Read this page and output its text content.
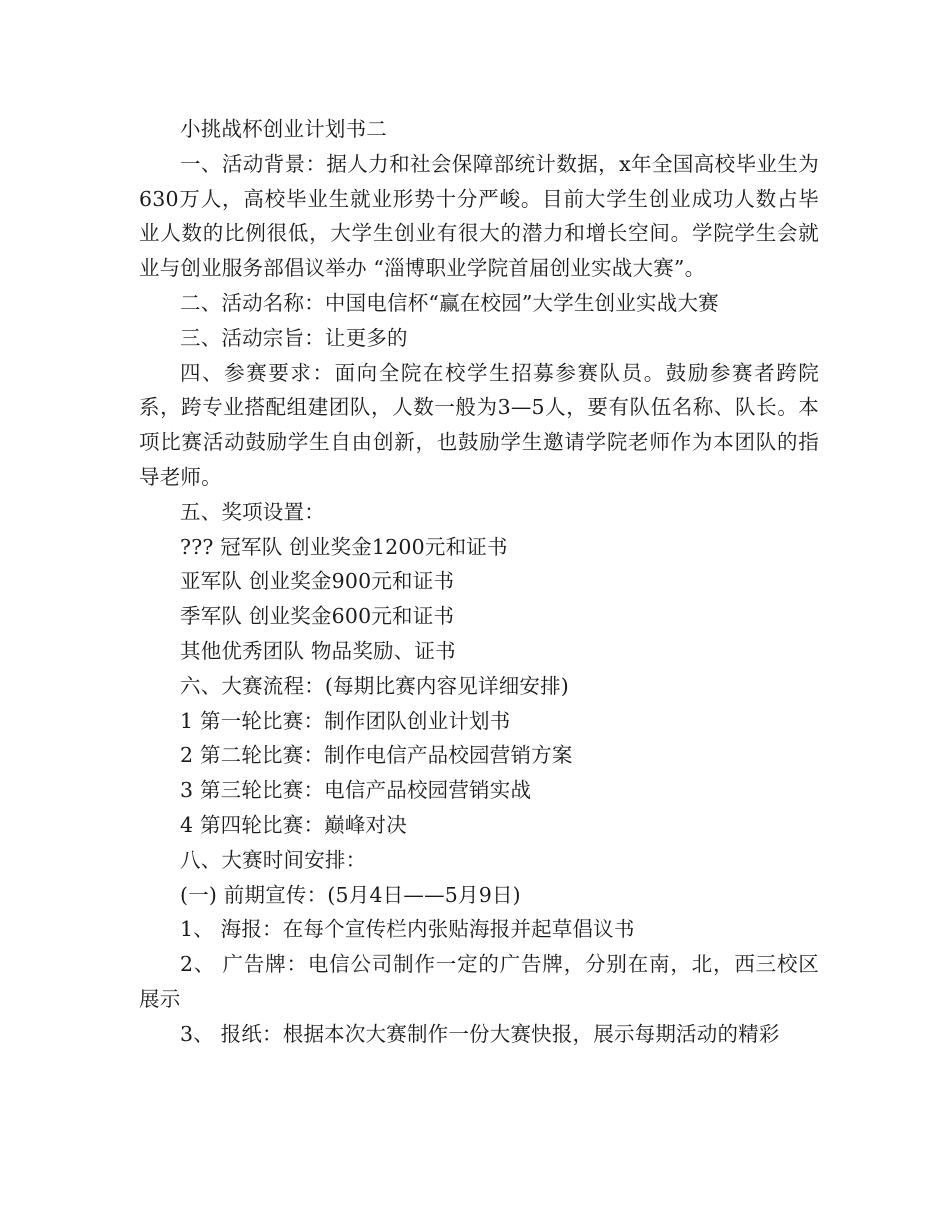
小挑战杯创业计划书二

一、活动背景：据人力和社会保障部统计数据，x年全国高校毕业生为630万人，高校毕业生就业形势十分严峻。目前大学生创业成功人数占毕业人数的比例很低，大学生创业有很大的潜力和增长空间。学院学生会就业与创业服务部倡议举办 “淄博职业学院首届创业实战大赛”。

二、活动名称：中国电信杯“赢在校园”大学生创业实战大赛

三、活动宗旨：让更多的

四、参赛要求：面向全院在校学生招募参赛队员。鼓励参赛者跨院系，跨专业搭配组建团队，人数一般为3—5人，要有队伍名称、队长。本项比赛活动鼓励学生自由创新，也鼓励学生邀请学院老师作为本团队的指导老师。

五、奖项设置：

??? 冠军队 创业奖金1200元和证书

亚军队 创业奖金900元和证书

季军队 创业奖金600元和证书

其他优秀团队 物品奖励、证书

六、大赛流程：(每期比赛内容见详细安排)

1 第一轮比赛：制作团队创业计划书

2 第二轮比赛：制作电信产品校园营销方案

3 第三轮比赛：电信产品校园营销实战

4 第四轮比赛：巅峰对决

八、大赛时间安排：

(一) 前期宣传：(5月4日——5月9日)

1、 海报：在每个宣传栏内张贴海报并起草倡议书

2、 广告牌：电信公司制作一定的广告牌，分别在南，北，西三校区展示

3、 报纸：根据本次大赛制作一份大赛快报，展示每期活动的精彩
